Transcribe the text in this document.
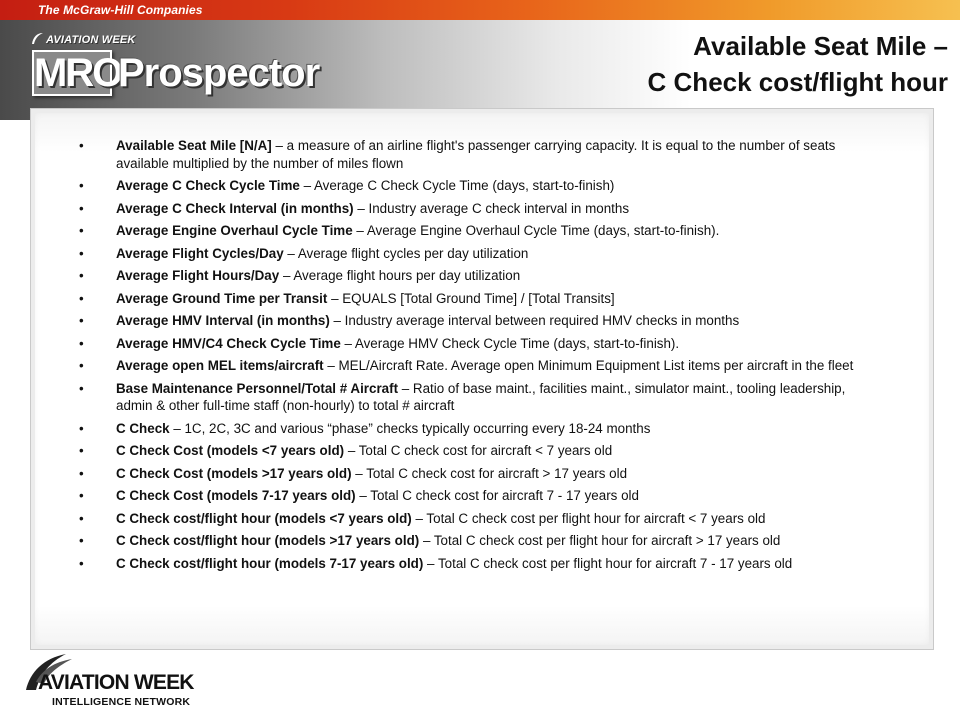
The McGraw-Hill Companies
AVIATION WEEK
MRO
Prospector
Available Seat Mile –
C Check cost/flight hour
• Available Seat Mile [N/A] – a measure of an airline flight's passenger carrying capacity. It is equal to the number of seats available multiplied by the number of miles flown
• Average C Check Cycle Time – Average C Check Cycle Time (days, start-to-finish)
• Average C Check Interval (in months) – Industry average C check interval in months
• Average Engine Overhaul Cycle Time – Average Engine Overhaul Cycle Time (days, start-to-finish).
• Average Flight Cycles/Day – Average flight cycles per day utilization
• Average Flight Hours/Day – Average flight hours per day utilization
• Average Ground Time per Transit – EQUALS [Total Ground Time] / [Total Transits]
• Average HMV Interval (in months) – Industry average interval between required HMV checks in months
• Average HMV/C4 Check Cycle Time – Average HMV Check Cycle Time (days, start-to-finish).
• Average open MEL items/aircraft – MEL/Aircraft Rate. Average open Minimum Equipment List items per aircraft in the fleet
• Base Maintenance Personnel/Total # Aircraft – Ratio of base maint., facilities maint., simulator maint., tooling leadership, admin & other full-time staff (non-hourly) to total # aircraft
• C Check – 1C, 2C, 3C and various “phase” checks typically occurring every 18-24 months
• C Check Cost (models <7 years old) – Total C check cost for aircraft < 7 years old
• C Check Cost (models >17 years old) – Total C check cost for aircraft > 17 years old
• C Check Cost (models 7-17 years old) – Total C check cost for aircraft 7 - 17 years old
• C Check cost/flight hour (models <7 years old) – Total C check cost per flight hour for aircraft < 7 years old
• C Check cost/flight hour (models >17 years old) – Total C check cost per flight hour for aircraft > 17 years old
• C Check cost/flight hour (models 7-17 years old) – Total C check cost per flight hour for aircraft 7 - 17 years old
AVIATION WEEK
INTELLIGENCE NETWORK
